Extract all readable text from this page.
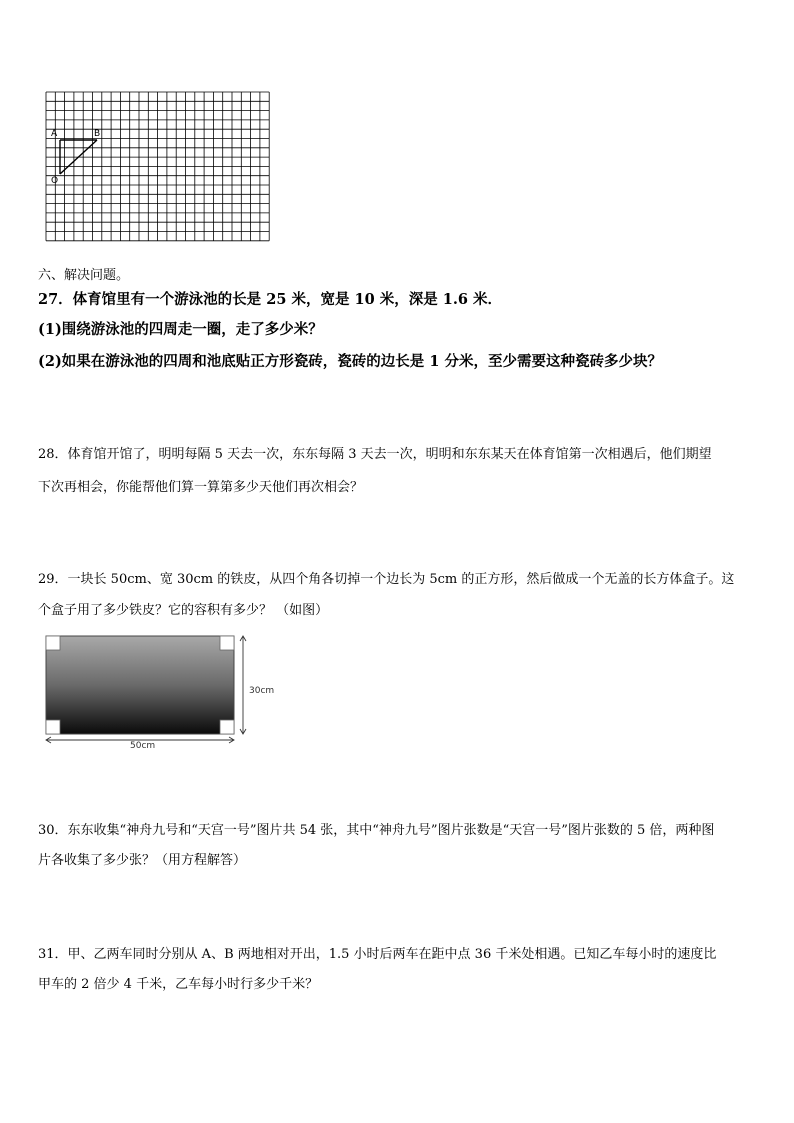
A	B
O
六、解决问题。
27．体育馆里有一个游泳池的长是 25 米，宽是 10 米，深是 1.6 米．
(1)围绕游泳池的四周走一圈，走了多少米？
(2)如果在游泳池的四周和池底贴正方形瓷砖，瓷砖的边长是 1 分米，至少需要这种瓷砖多少块？
28．体育馆开馆了，明明每隔 5 天去一次，东东每隔 3 天去一次，明明和东东某天在体育馆第一次相遇后，他们期望
下次再相会，你能帮他们算一算第多少天他们再次相会？
29．一块长 50cm、宽 30cm 的铁皮，从四个角各切掉一个边长为 5cm 的正方形，然后做成一个无盖的长方体盒子。这
个盒子用了多少铁皮？它的容积有多少？ （如图）
30cm
50cm
30．东东收集“神舟九号和“天宫一号”图片共 54 张，其中“神舟九号”图片张数是“天宫一号”图片张数的 5 倍，两种图
片各收集了多少张？（用方程解答）
31．甲、乙两车同时分别从 A、B 两地相对开出，1.5 小时后两车在距中点 36 千米处相遇。已知乙车每小时的速度比
甲车的 2 倍少 4 千米，乙车每小时行多少千米？
